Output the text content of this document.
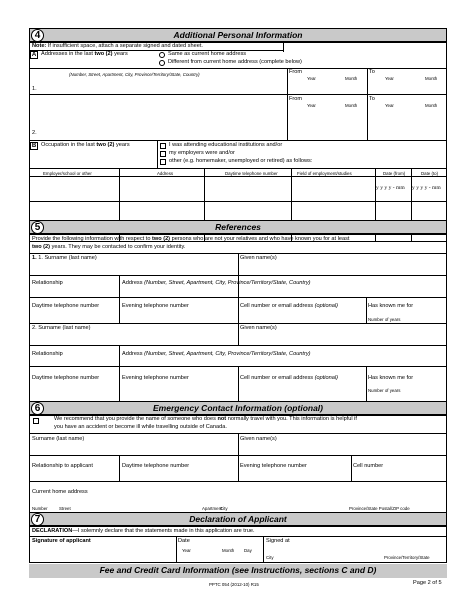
4	Additional Personal Information
Note: If insufficient space, attach a separate signed and dated sheet.
A Addresses in the last two (2) years	Same as current home address
Different from current home address (complete below)
(Number, Street, Apartment, City, Province/Territory/State, Country)	From
Year	Month
To
Year	Month
1.
From
Year	Month
To
Year	Month
2.
B Occupation in the last two (2) years	I was attending educational institutions and/or
my employers were and/or
other (e.g. homemaker, unemployed or retired) as follows:
Employer/school or other	Address	Daytime telephone number	Field of employment/studies	Date (from)	Date (to)
y y y y - mm y y y y - mm
5	References
Provide the following information with respect to two (2) persons who are not your relatives and who have known you for at least
two (2) years. They may be contacted to confirm your identity.
1. 1. Surname (last name)	Given name(s)
Relationship	Address (Number, Street, Apartment, City, Province/Territory/State, Country)
Daytime telephone number	Evening telephone number	Cell number or email address (optional)	Has known me for
Number of years
2. Surname (last name)	Given name(s)
Relationship	Address (Number, Street, Apartment, City, Province/Territory/State, Country)
Daytime telephone number	Evening telephone number	Cell number or email address (optional)	Has known me for
Number of years
6	Emergency Contact Information (optional)
We recommend that you provide the name of someone who does not normally travel with you. This information is helpful if
you have an accident or become ill while travelling outside of Canada.
Surname (last name)	Given name(s)
Relationship to applicant	Daytime telephone number	Evening telephone number	Cell number
Current home address
Number	Street	Apartment
City	Province/State Postal/ZIP code
7	Declaration of Applicant
DECLARATION—I solemnly declare that the statements made in this application are true.
Signature of applicant	Date
Year	Month Day
Signed at
City	Province/Territory/State
Fee and Credit Card Information (see Instructions, sections C and D)
PPTC 054 (2012-10) R15	Page 2 of 5
